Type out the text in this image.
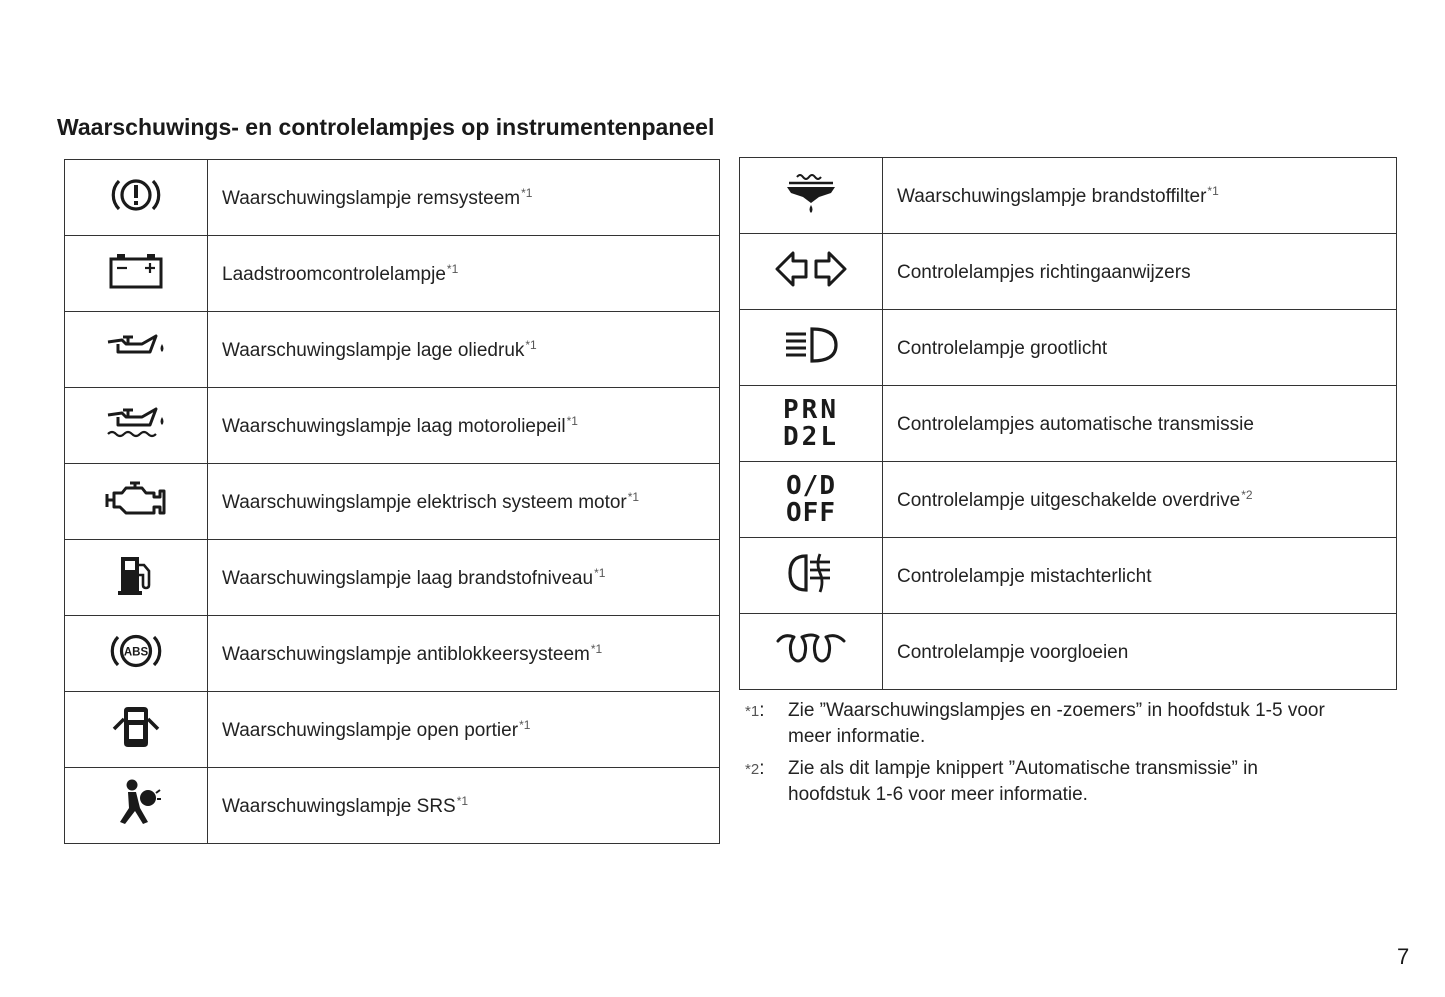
Waarschuwings- en controlelampjes op instrumentenpaneel
	Waarschuwingslampje remsysteem$^{*1}$

	Laadstroomcontrolelampje$^{*1}$

	Waarschuwingslampje lage oliedruk$^{*1}$

	Waarschuwingslampje laag motoroliepeil$^{*1}$

	Waarschuwingslampje elektrisch systeem motor$^{*1}$

	Waarschuwingslampje laag brandstofniveau$^{*1}$

ABS	Waarschuwingslampje antiblokkeersysteem$^{*1}$

	Waarschuwingslampje open portier$^{*1}$

	Waarschuwingslampje SRS$^{*1}$
	Waarschuwingslampje brandstoffilter$^{*1}$

	Controlelampjes richtingaanwijzers

	Controlelampje grootlicht

PRN
D2L	Controlelampjes automatische transmissie

O/D
OFF	Controlelampje uitgeschakelde overdrive$^{*2}$

	Controlelampje mistachterlicht

	Controlelampje voorgloeien
*1: Zie ”Waarschuwingslampjes en -zoemers” in hoofdstuk 1-5 voor meer informatie.
*2: Zie als dit lampje knippert ”Automatische transmissie” in hoofdstuk 1-6 voor meer informatie.
7
